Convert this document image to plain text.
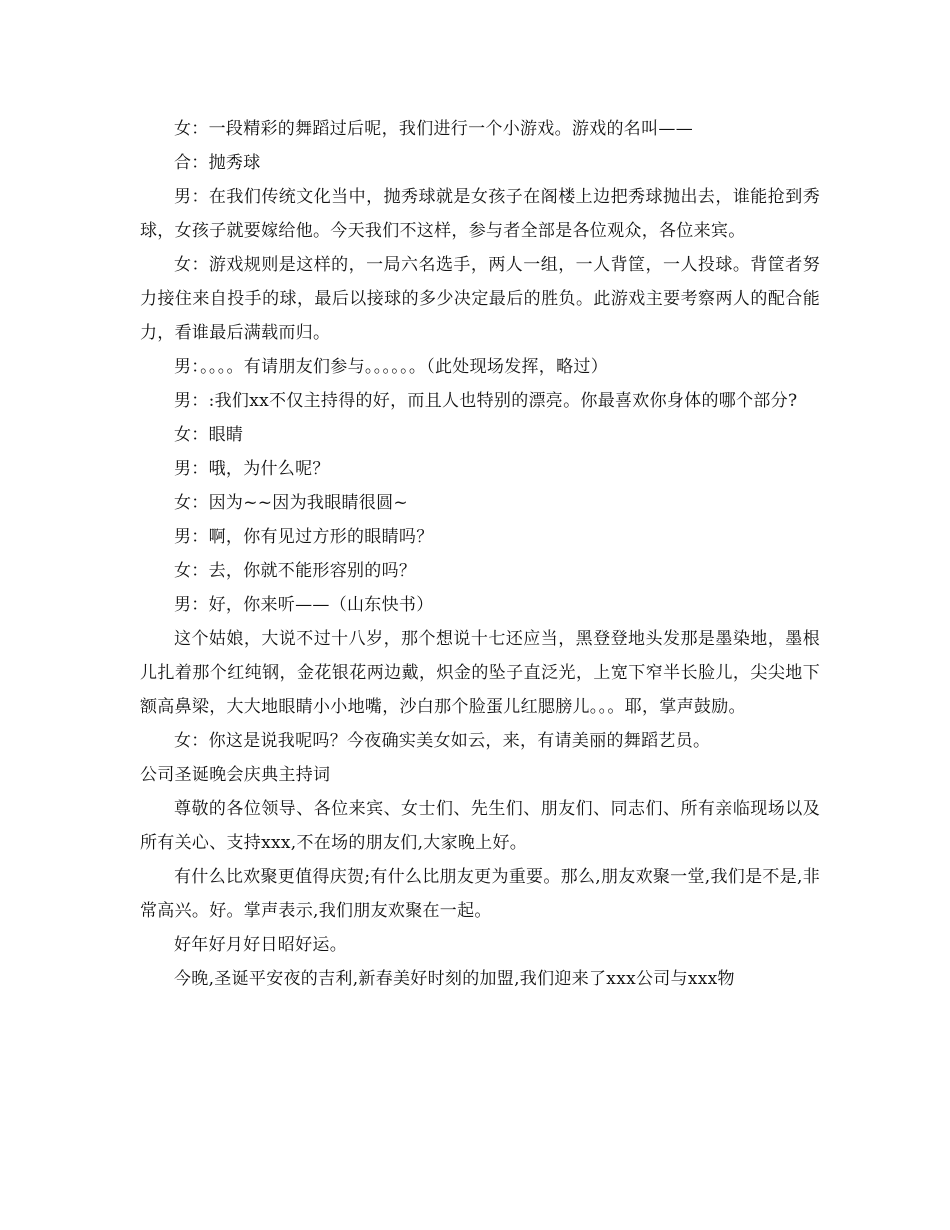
女：一段精彩的舞蹈过后呢，我们进行一个小游戏。游戏的名叫——

合：抛秀球

男：在我们传统文化当中，抛秀球就是女孩子在阁楼上边把秀球抛出去，谁能抢到秀球，女孩子就要嫁给他。今天我们不这样，参与者全部是各位观众，各位来宾。

女：游戏规则是这样的，一局六名选手，两人一组，一人背筐，一人投球。背筐者努力接住来自投手的球，最后以接球的多少决定最后的胜负。此游戏主要考察两人的配合能力，看谁最后满载而归。

男：。。。。有请朋友们参与。。。。。。（此处现场发挥，略过）

男：:我们xx不仅主持得的好，而且人也特别的漂亮。你最喜欢你身体的哪个部分?

女：眼睛

男：哦，为什么呢？

女：因为~~因为我眼睛很圆~

男：啊，你有见过方形的眼睛吗？

女：去，你就不能形容别的吗？

男：好，你来听——（山东快书）

这个姑娘，大说不过十八岁，那个想说十七还应当，黑登登地头发那是墨染地，墨根儿扎着那个红纯钢，金花银花两边戴，炽金的坠子直泛光，上宽下窄半长脸儿，尖尖地下额高鼻梁，大大地眼睛小小地嘴，沙白那个脸蛋儿红腮膀儿。。。耶，掌声鼓励。

女：你这是说我呢吗？今夜确实美女如云，来，有请美丽的舞蹈艺员。

公司圣诞晚会庆典主持词

尊敬的各位领导、各位来宾、女士们、先生们、朋友们、同志们、所有亲临现场以及所有关心、支持xxx,不在场的朋友们,大家晚上好。

有什么比欢聚更值得庆贺;有什么比朋友更为重要。那么,朋友欢聚一堂,我们是不是,非常高兴。好。掌声表示,我们朋友欢聚在一起。

好年好月好日昭好运。

今晚,圣诞平安夜的吉利,新春美好时刻的加盟,我们迎来了xxx公司与xxx物
